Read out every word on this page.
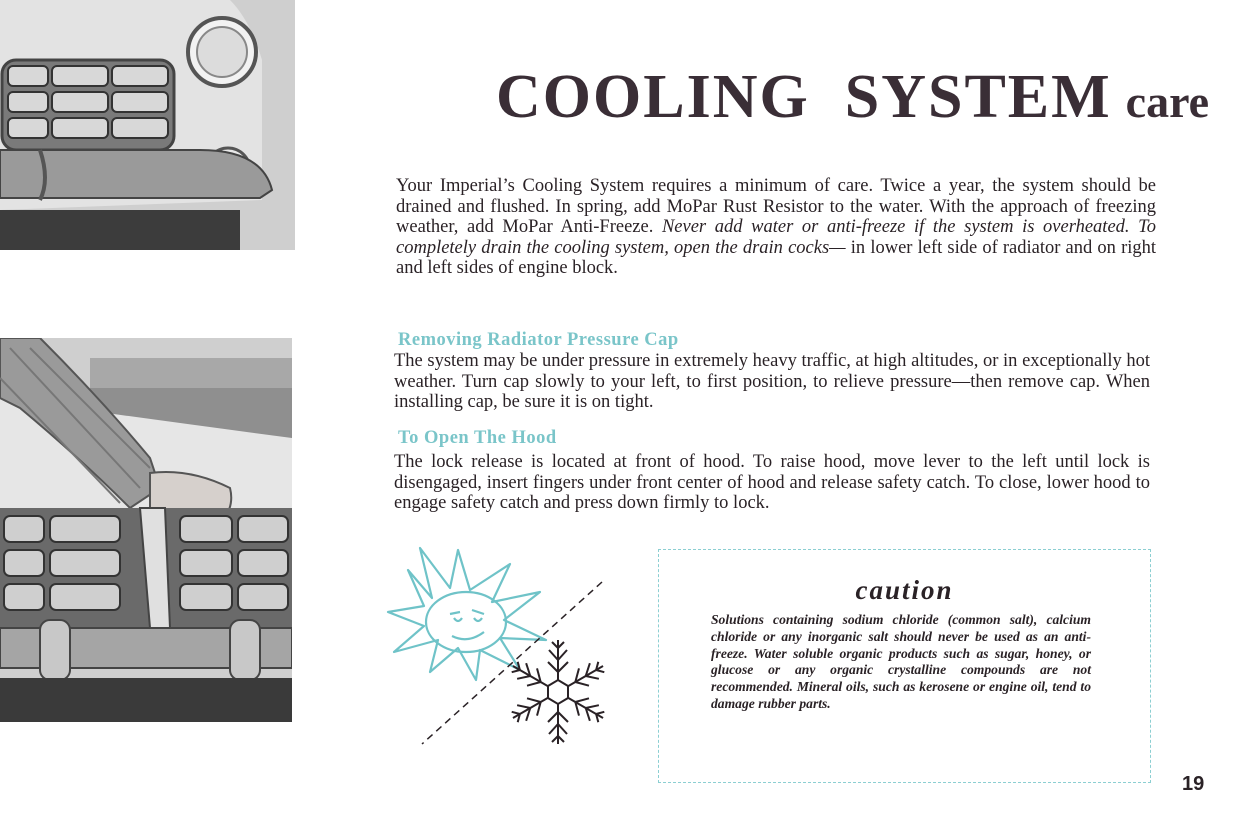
COOLING  SYSTEM care

Your Imperial’s Cooling System requires a minimum of care. Twice a year, the system should be drained and flushed. In spring, add MoPar Rust Resistor to the water. With the approach of freezing weather, add MoPar Anti-Freeze. Never add water or anti-freeze if the system is overheated. To completely drain the cooling system, open the drain cocks— in lower left side of radiator and on right and left sides of engine block.

Removing Radiator Pressure Cap

The system may be under pressure in extremely heavy traffic, at high altitudes, or in exceptionally hot weather. Turn cap slowly to your left, to first position, to relieve pressure—then remove cap. When installing cap, be sure it is on tight.

To Open The Hood

The lock release is located at front of hood. To raise hood, move lever to the left until lock is disengaged, insert fingers under front center of hood and release safety catch. To close, lower hood to engage safety catch and press down firmly to lock.

caution

Solutions containing sodium chloride (common salt), calcium chloride or any inorganic salt should never be used as an anti-freeze. Water soluble organic products such as sugar, honey, or glucose or any organic crystalline compounds are not recommended. Mineral oils, such as kerosene or engine oil, tend to damage rubber parts.

19
